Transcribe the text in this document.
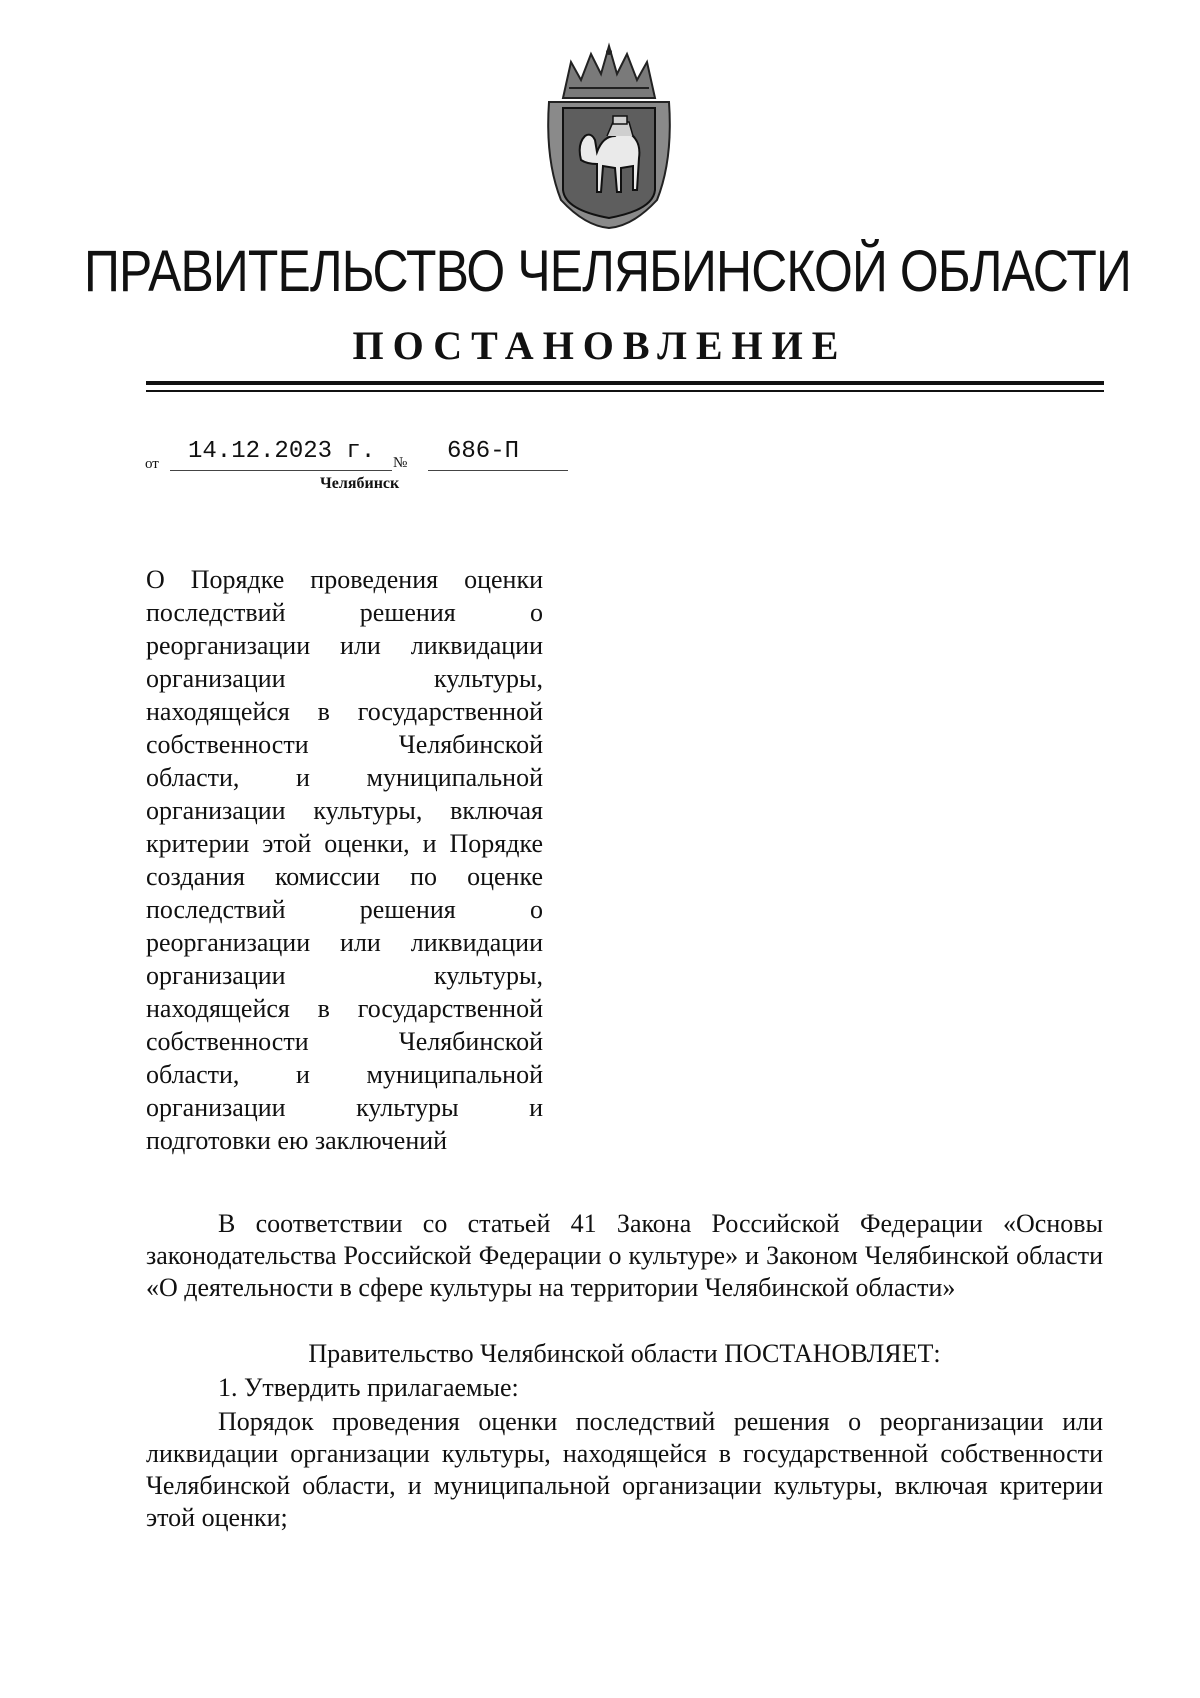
ПРАВИТЕЛЬСТВО ЧЕЛЯБИНСКОЙ ОБЛАСТИ
ПОСТАНОВЛЕНИЕ
от 14.12.2023 г. № 686-П
Челябинск

О Порядке проведения оценки последствий решения о реорганизации или ликвидации организации культуры, находящейся в государственной собственности Челябинской области, и муниципальной организации культуры, включая критерии этой оценки, и Порядке создания комиссии по оценке последствий решения о реорганизации или ликвидации организации культуры, находящейся в государственной собственности Челябинской области, и муниципальной организации культуры и
подготовки ею заключений

В соответствии со статьей 41 Закона Российской Федерации «Основы законодательства Российской Федерации о культуре» и Законом Челябинской области «О деятельности в сфере культуры на территории Челябинской области»

Правительство Челябинской области ПОСТАНОВЛЯЕТ:

1. Утвердить прилагаемые:

Порядок проведения оценки последствий решения о реорганизации или ликвидации организации культуры, находящейся в государственной собственности Челябинской области, и муниципальной организации культуры, включая критерии этой оценки;
